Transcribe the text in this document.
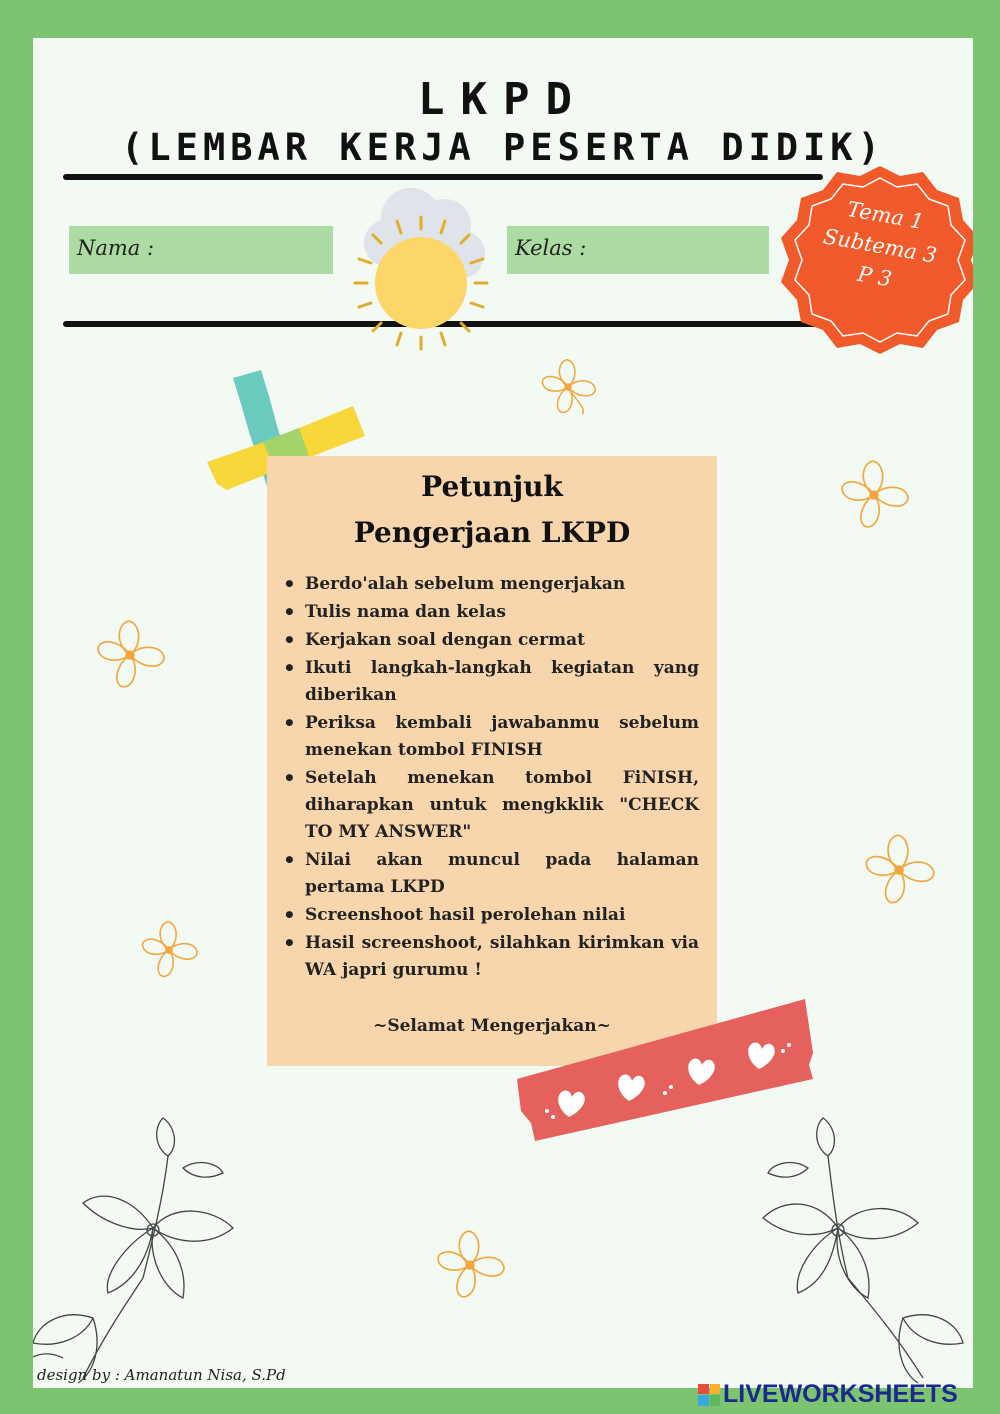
LKPD
(LEMBAR KERJA PESERTA DIDIK)
Nama :	Kelas :
Tema 1
Subtema 3
P 3
Petunjuk
Pengerjaan LKPD
• Berdo'alah sebelum mengerjakan
• Tulis nama dan kelas
• Kerjakan soal dengan cermat
• Ikuti langkah-langkah kegiatan yang diberikan
• Periksa kembali jawabanmu sebelum menekan tombol FINISH
• Setelah menekan tombol FiNISH, diharapkan untuk mengkklik "CHECK TO MY ANSWER"
• Nilai akan muncul pada halaman pertama LKPD
• Screenshoot hasil perolehan nilai
• Hasil screenshoot, silahkan kirimkan via WA japri gurumu !
~Selamat Mengerjakan~
design by : Amanatun Nisa, S.Pd
LIVEWORKSHEETS
